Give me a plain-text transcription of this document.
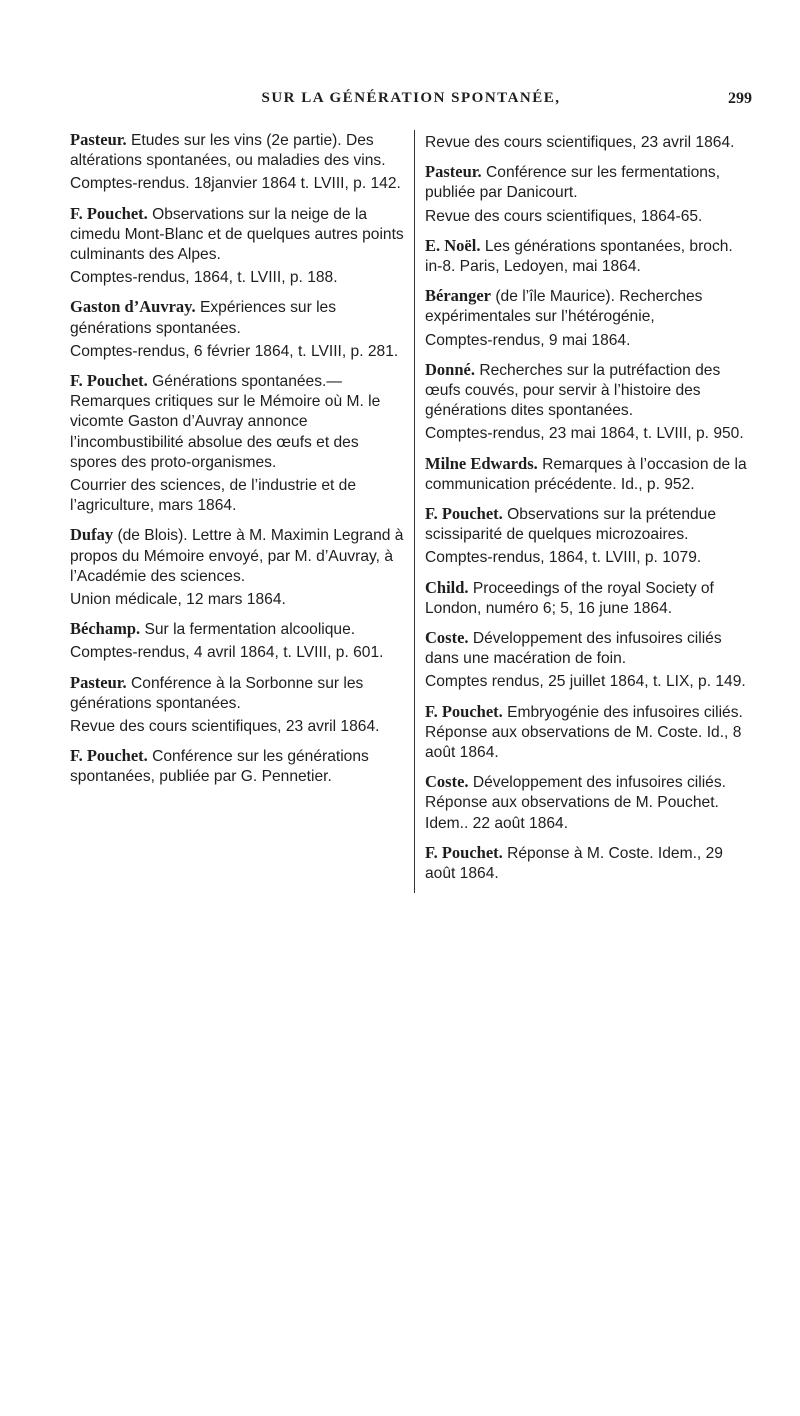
SUR LA GÉNÉRATION SPONTANÉE,	299

Pasteur. Etudes sur les vins (2e partie). Des altérations spontanées, ou maladies des vins.

Comptes-rendus. 18janvier 1864 t. LVIII, p. 142.

F. Pouchet. Observations sur la neige de la cimedu Mont-Blanc et de quelques autres points culminants des Alpes.

Comptes-rendus, 1864, t. LVIII, p. 188.

Gaston d’Auvray. Expériences sur les générations spontanées.

Comptes-rendus, 6 février 1864, t. LVIII, p. 281.

F. Pouchet. Générations spontanées.—Remarques critiques sur le Mémoire où M. le vicomte Gaston d’Auvray annonce l’incombustibilité absolue des œufs et des spores des proto-organismes.

Courrier des sciences, de l’industrie et de l’agriculture, mars 1864.

Dufay (de Blois). Lettre à M. Maximin Legrand à propos du Mémoire envoyé, par M. d’Auvray, à l’Académie des sciences.

Union médicale, 12 mars 1864.

Béchamp. Sur la fermentation alcoolique.

Comptes-rendus, 4 avril 1864, t. LVIII, p. 601.

Pasteur. Conférence à la Sorbonne sur les générations spontanées.

Revue des cours scientifiques, 23 avril 1864.

F. Pouchet. Conférence sur les générations spontanées, publiée par G. Pennetier.

Revue des cours scientifiques, 23 avril 1864.

Pasteur. Conférence sur les fermentations, publiée par Danicourt.

Revue des cours scientifiques, 1864-65.

E. Noël. Les générations spontanées, broch. in-8. Paris, Ledoyen, mai 1864.

Béranger (de l’île Maurice). Recherches expérimentales sur l’hétérogénie,

Comptes-rendus, 9 mai 1864.

Donné. Recherches sur la putréfaction des œufs couvés, pour servir à l’histoire des générations dites spontanées.

Comptes-rendus, 23 mai 1864, t. LVIII, p. 950.

Milne Edwards. Remarques à l’occasion de la communication précédente. Id., p. 952.

F. Pouchet. Observations sur la prétendue scissiparité de quelques microzoaires.

Comptes-rendus, 1864, t. LVIII, p. 1079.

Child. Proceedings of the royal Society of London, numéro 6; 5, 16 june 1864.

Coste. Développement des infusoires ciliés dans une macération de foin.

Comptes rendus, 25 juillet 1864, t. LIX, p. 149.

F. Pouchet. Embryogénie des infusoires ciliés. Réponse aux observations de M. Coste. Id., 8 août 1864.

Coste. Développement des infusoires ciliés. Réponse aux observations de M. Pouchet. Idem.. 22 août 1864.

F. Pouchet. Réponse à M. Coste. Idem., 29 août 1864.
